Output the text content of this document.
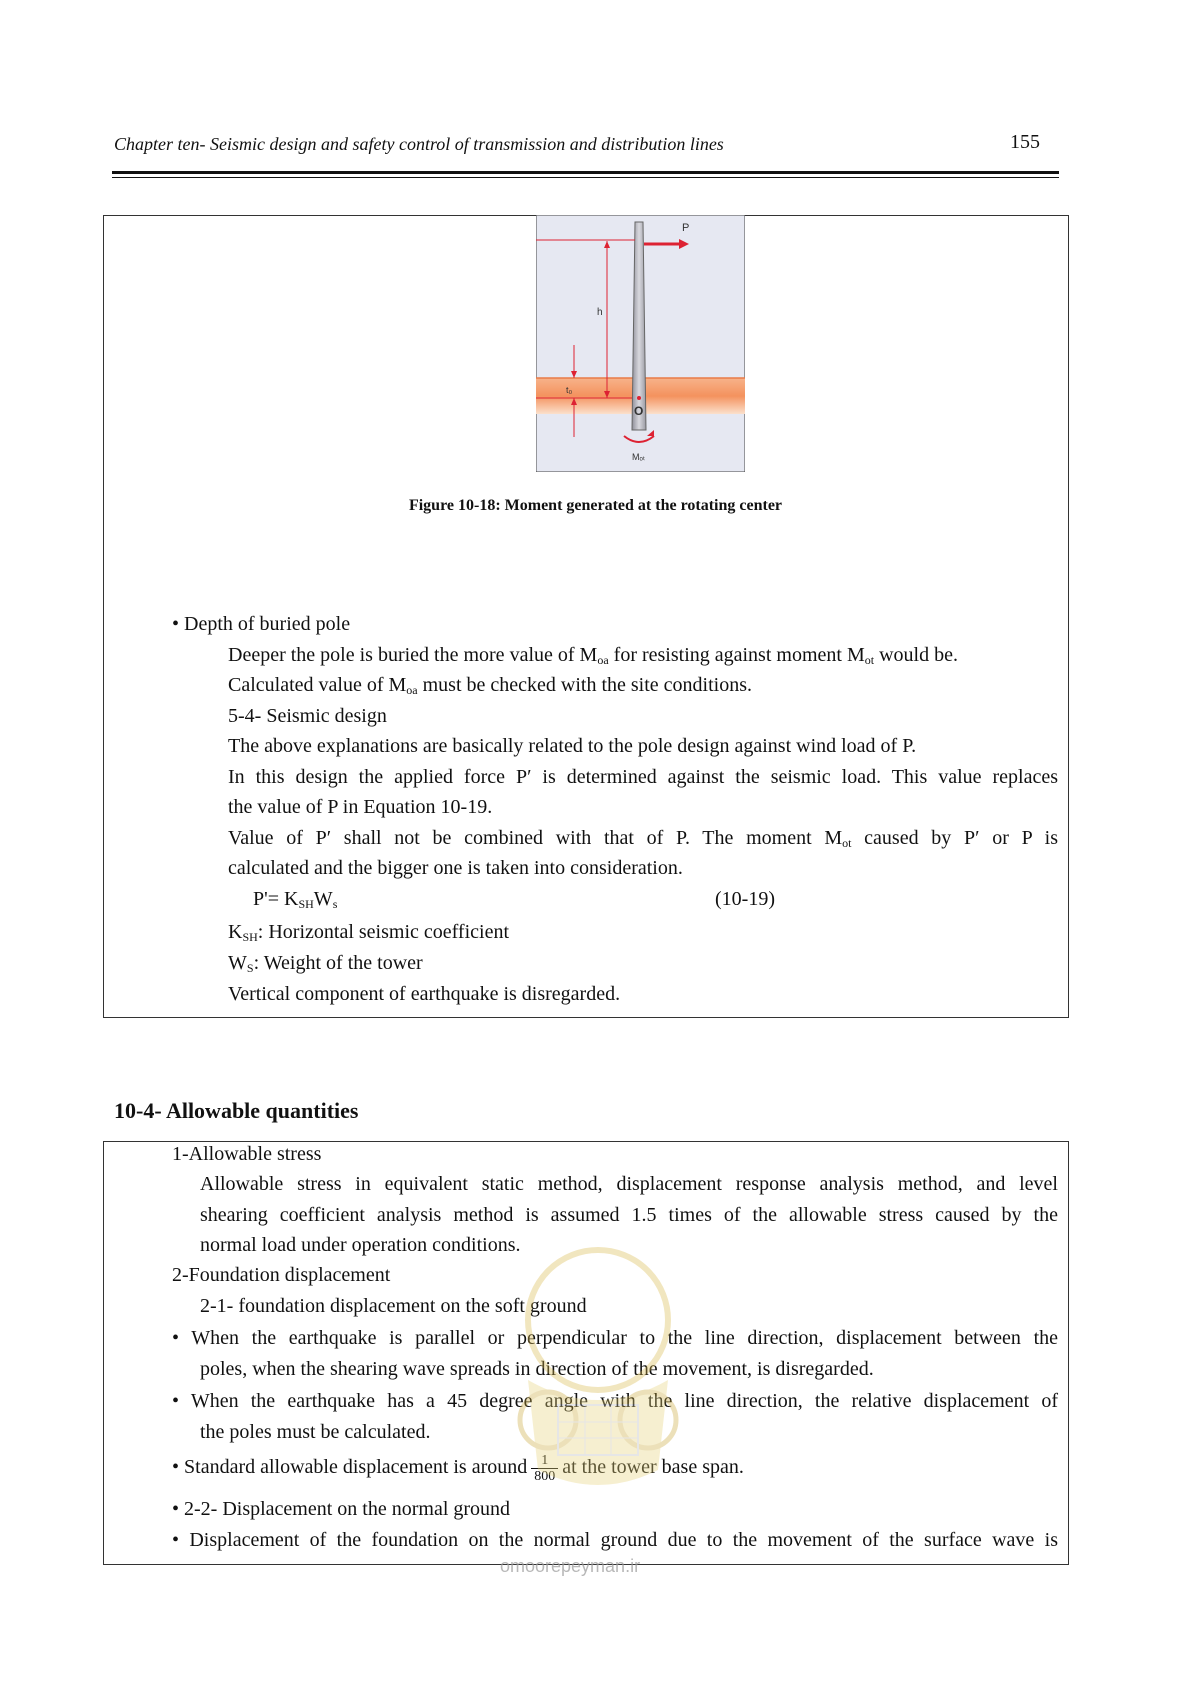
Chapter ten- Seismic design and safety control of transmission and distribution lines	155
P
h
t₀
O
Mₒₜ
Figure 10-18: Moment generated at the rotating center
• Depth of buried pole
Deeper the pole is buried the more value of $M_{oa}$ for resisting against moment $M_{ot}$ would be.
Calculated value of $M_{oa}$ must be checked with the site conditions.
5-4- Seismic design
The above explanations are basically related to the pole design against wind load of P.
In this design the applied force P′ is determined against the seismic load. This value replaces
the value of P in Equation 10-19.
Value of P′ shall not be combined with that of P. The moment $M_{ot}$ caused by P′ or P is
calculated and the bigger one is taken into consideration.
$P'= K_{SH}W_s$	(10-19)
$K_{SH}$: Horizontal seismic coefficient
$W_S$: Weight of the tower
Vertical component of earthquake is disregarded.
10-4- Allowable quantities
1-Allowable stress
Allowable stress in equivalent static method, displacement response analysis method, and level
shearing coefficient analysis method is assumed 1.5 times of the allowable stress caused by the
normal load under operation conditions.
2-Foundation displacement
2-1- foundation displacement on the soft ground
• When the earthquake is parallel or perpendicular to the line direction, displacement between the
poles, when the shearing wave spreads in direction of the movement, is disregarded.
• When the earthquake has a 45 degree angle with the line direction, the relative displacement of
the poles must be calculated.
• Standard allowable displacement is around $\frac{1}{800}$ at the tower base span.
• 2-2- Displacement on the normal ground
• Displacement of the foundation on the normal ground due to the movement of the surface wave is
omoorepeyman.ir
